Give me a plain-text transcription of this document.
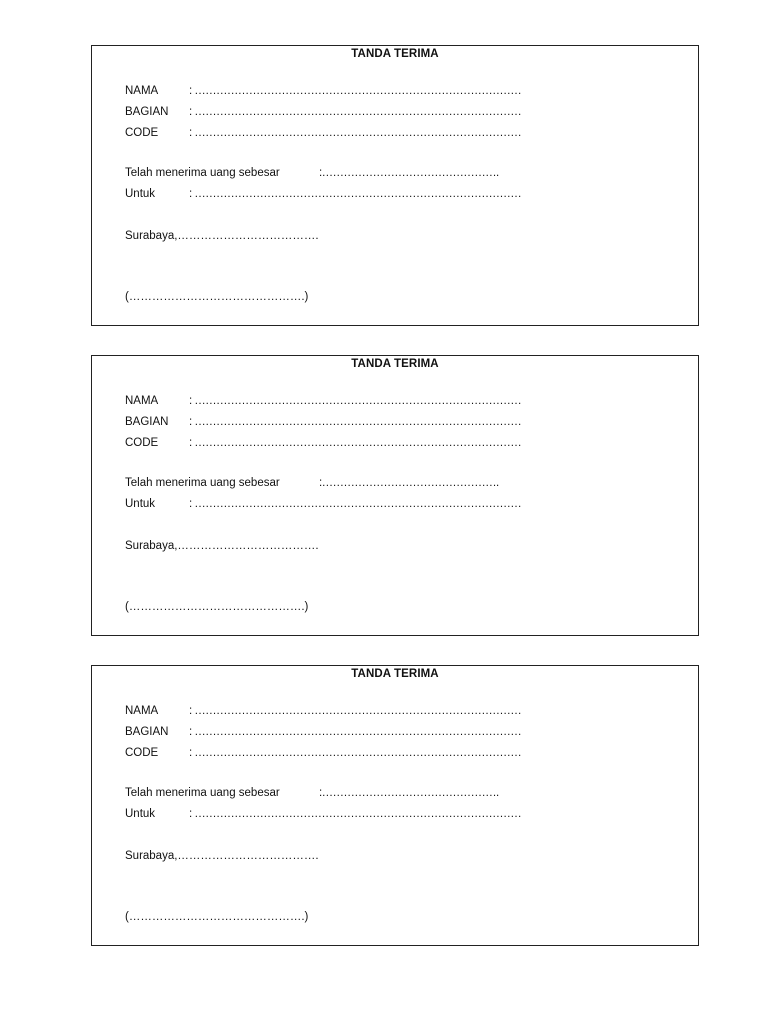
TANDA TERIMA
NAMA	: ………………………………………………………………………………
BAGIAN : ………………………………………………………………………………
CODE	: ………………………………………………………………………………
Telah menerima uang sebesar	:………………………………………….
Untuk	: ………………………………………………………………………………
Surabaya,……………………………….
(……………………………………….)
TANDA TERIMA
NAMA	: ………………………………………………………………………………
BAGIAN : ………………………………………………………………………………
CODE	: ………………………………………………………………………………
Telah menerima uang sebesar	:………………………………………….
Untuk	: ………………………………………………………………………………
Surabaya,……………………………….
(……………………………………….)
TANDA TERIMA
NAMA	: ………………………………………………………………………………
BAGIAN : ………………………………………………………………………………
CODE	: ………………………………………………………………………………
Telah menerima uang sebesar	:………………………………………….
Untuk	: ………………………………………………………………………………
Surabaya,……………………………….
(……………………………………….)
